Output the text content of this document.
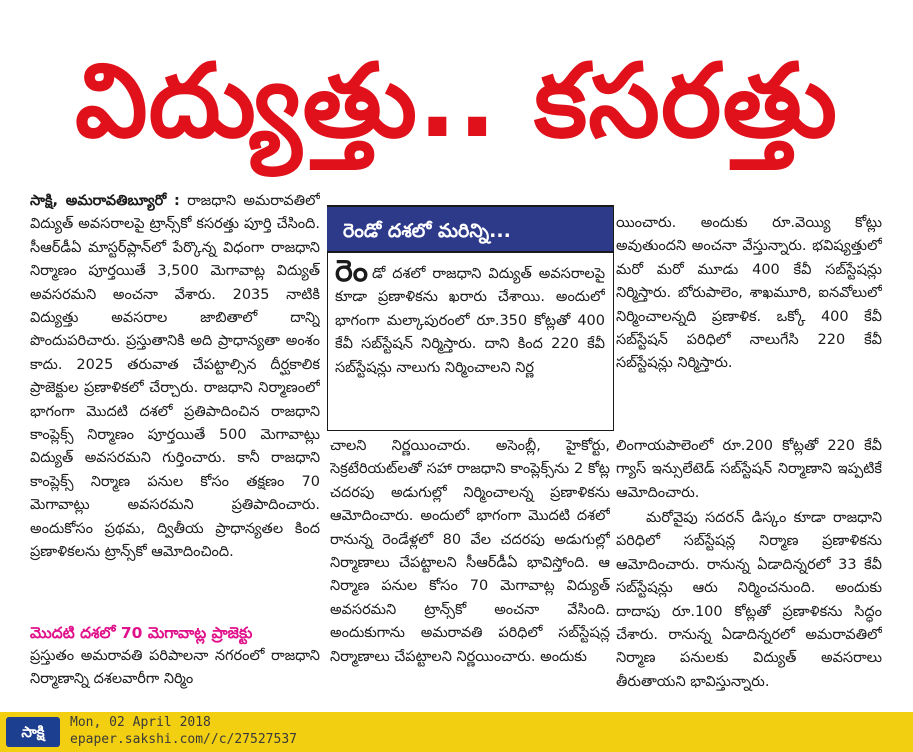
విద్యుత్తు.. కసరత్తు

సాక్షి, అమరావతిబ్యూరో : రాజధాని అమరావతిలో విద్యుత్ అవసరాలపై ట్రాన్స్‌కో కసరత్తు పూర్తి చేసింది. సీఆర్‌డీఏ మాస్టర్‌ప్లాన్‌లో పేర్కొన్న విధంగా రాజధాని నిర్మాణం పూర్తయితే 3,500 మెగావాట్ల విద్యుత్ అవసరమని అంచనా వేశారు. 2035 నాటికి విద్యుత్తు అవసరాల జాబితాలో దాన్ని పొందుపరిచారు. ప్రస్తుతానికి అది ప్రాధాన్యతా అంశం కాదు. 2025 తరువాత చేపట్టాల్సిన దీర్ఘకాలిక ప్రాజెక్టుల ప్రణాళికలో చేర్చారు. రాజధాని నిర్మాణంలో భాగంగా మొదటి దశలో ప్రతిపాదించిన రాజధాని కాంప్లెక్స్ నిర్మాణం పూర్తయితే 500 మెగావాట్లు విద్యుత్ అవసరమని గుర్తించారు. కానీ రాజధాని కాంప్లెక్స్ నిర్మాణ పనుల కోసం తక్షణం 70 మెగావాట్లు అవసరమని ప్రతిపాదించారు. అందుకోసం ప్రథమ, ద్వితీయ ప్రాధాన్యతల కింద ప్రణాళికలను ట్రాన్స్‌కో ఆమోదించింది.

మొదటి దశలో 70 మెగావాట్ల ప్రాజెక్టు

ప్రస్తుతం అమరావతి పరిపాలనా నగరంలో రాజధాని నిర్మాణాన్ని దశలవారీగా నిర్మిం

రెండో దశలో మరిన్ని...

రెండో దశలో రాజధాని విద్యుత్ అవసరాలపై కూడా ప్రణాళికను ఖరారు చేశాయి. అందులో భాగంగా మల్కాపురంలో రూ.350 కోట్లతో 400 కేవీ సబ్‌స్టేషన్ నిర్మిస్తారు. దాని కింద 220 కేవీ సబ్‌స్టేషన్లు నాలుగు నిర్మించాలని నిర్ణ

చాలని నిర్ణయించారు. అసెంబ్లీ, హైకోర్టు, సెక్రటేరియట్‌లతో సహా రాజధాని కాంప్లెక్స్‌ను 2 కోట్ల చదరపు అడుగుల్లో నిర్మించాలన్న ప్రణాళికను ఆమోదించారు. అందులో భాగంగా మొదటి దశలో రానున్న రెండేళ్లలో 80 వేల చదరపు అడుగుల్లో నిర్మాణాలు చేపట్టాలని సీఆర్‌డీఏ భావిస్తోంది. ఆ నిర్మాణ పనుల కోసం 70 మెగావాట్ల విద్యుత్ అవసరమని ట్రాన్స్‌కో అంచనా వేసింది. అందుకుగాను అమరావతి పరిధిలో సబ్‌స్టేషన్ల నిర్మాణాలు చేపట్టాలని నిర్ణయించారు. అందుకు

యించారు. అందుకు రూ.వెయ్యి కోట్లు అవుతుందని అంచనా వేస్తున్నారు. భవిష్యత్తులో మరో మరో మూడు 400 కేవీ సబ్‌స్టేషన్లు నిర్మిస్తారు. బోరుపాలెం, శాఖమూరి, ఐనవోలులో నిర్మించాలన్నది ప్రణాళిక. ఒక్కో 400 కేవీ సబ్‌స్టేషన్ పరిధిలో నాలుగేసి 220 కేవీ సబ్‌స్టేషన్లు నిర్మిస్తారు.

లింగాయపాలెంలో రూ.200 కోట్లతో 220 కేవీ గ్యాస్ ఇన్సులేటెడ్ సబ్‌స్టేషన్ నిర్మాణాని ఇప్పటికే ఆమోదించారు.

మరోవైపు సదరన్ డిస్కం కూడా రాజధాని పరిధిలో సబ్‌స్టేషన్ల నిర్మాణ ప్రణాళికను ఆమోదించారు. రానున్న ఏడాదిన్నరలో 33 కేవీ సబ్‌స్టేషన్లు ఆరు నిర్మించనుంది. అందుకు దాదాపు రూ.100 కోట్లతో ప్రణాళికను సిద్ధం చేశారు. రానున్న ఏడాదిన్నరలో అమరావతిలో నిర్మాణ పనులకు విద్యుత్ అవసరాలు తీరుతాయని భావిస్తున్నారు.

సాక్షి
Mon, 02 April 2018
epaper.sakshi.com//c/27527537
